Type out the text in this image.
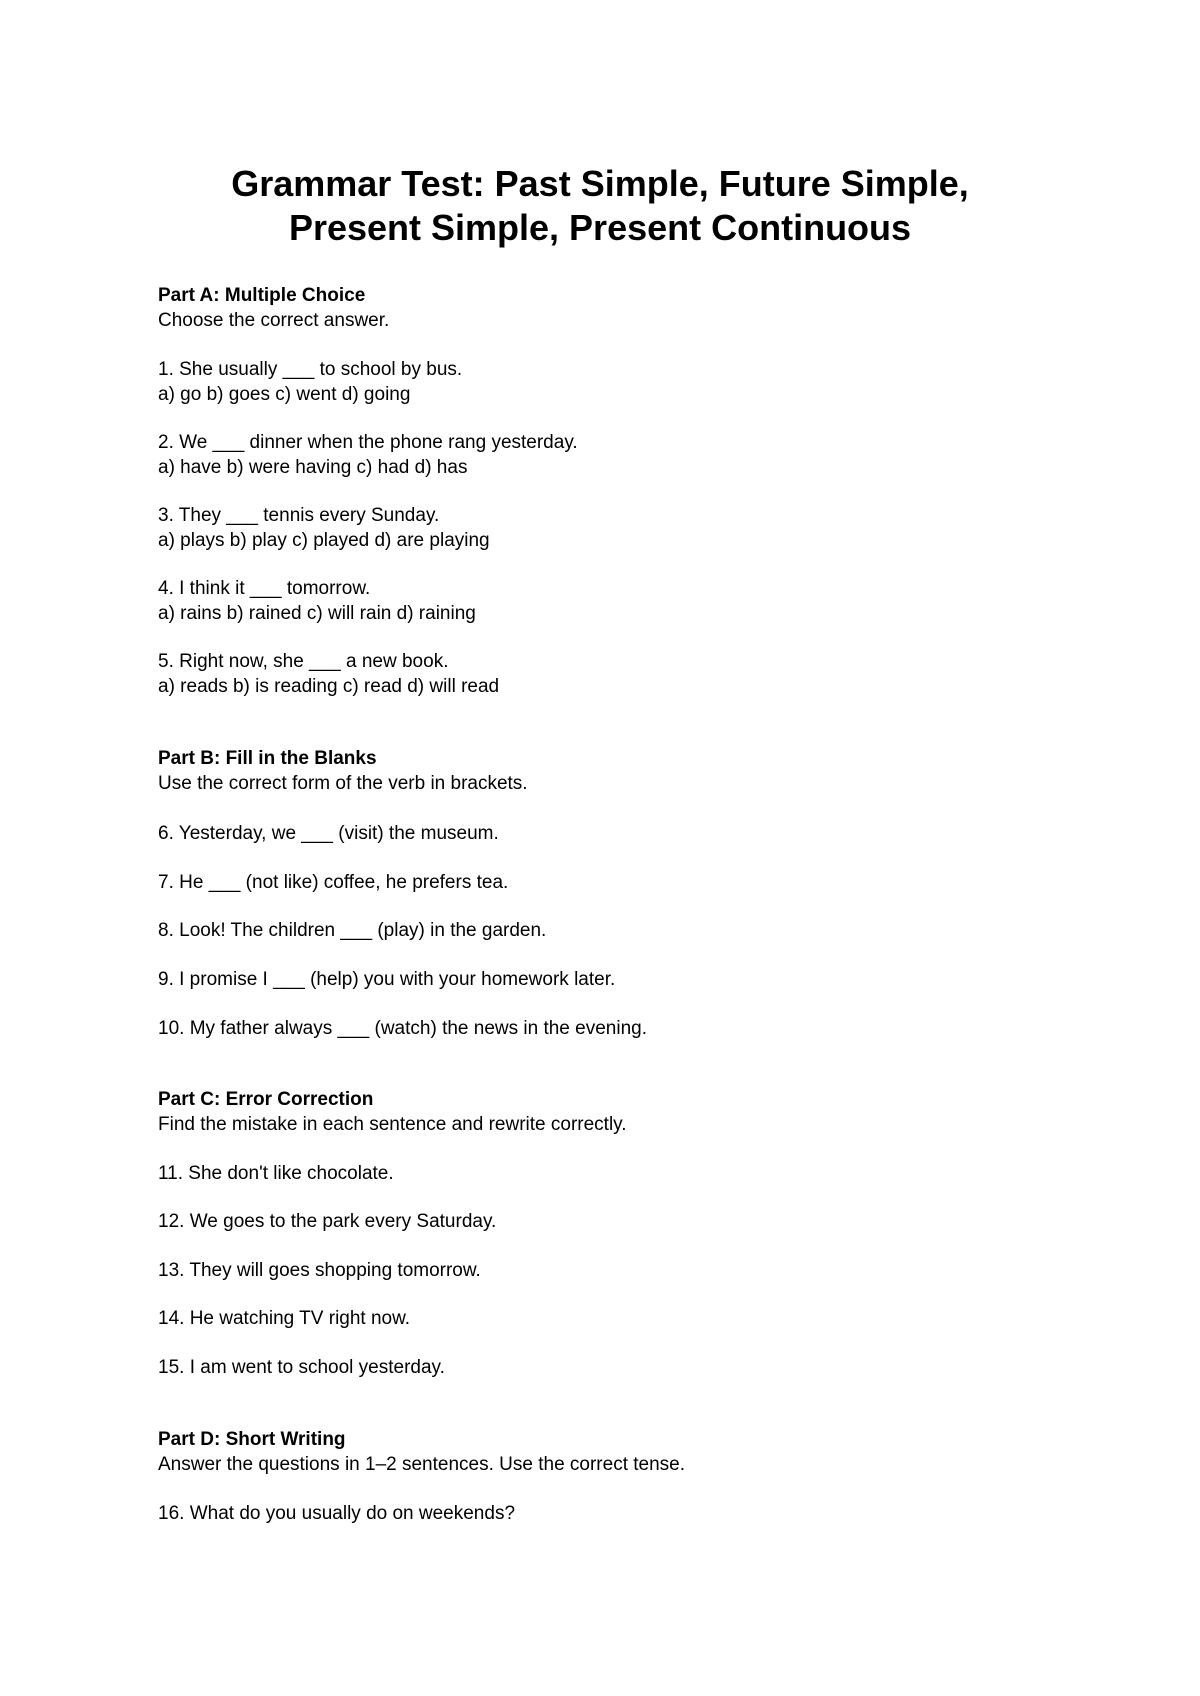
Grammar Test: Past Simple, Future Simple,
Present Simple, Present Continuous

Part A: Multiple Choice

Choose the correct answer.

1. She usually ___ to school by bus.

a) go b) goes c) went d) going

2. We ___ dinner when the phone rang yesterday.

a) have b) were having c) had d) has

3. They ___ tennis every Sunday.

a) plays b) play c) played d) are playing

4. I think it ___ tomorrow.

a) rains b) rained c) will rain d) raining

5. Right now, she ___ a new book.

a) reads b) is reading c) read d) will read

Part B: Fill in the Blanks

Use the correct form of the verb in brackets.

6. Yesterday, we ___ (visit) the museum.

7. He ___ (not like) coffee, he prefers tea.

8. Look! The children ___ (play) in the garden.

9. I promise I ___ (help) you with your homework later.

10. My father always ___ (watch) the news in the evening.

Part C: Error Correction

Find the mistake in each sentence and rewrite correctly.

11. She don't like chocolate.

12. We goes to the park every Saturday.

13. They will goes shopping tomorrow.

14. He watching TV right now.

15. I am went to school yesterday.

Part D: Short Writing

Answer the questions in 1–2 sentences. Use the correct tense.

16. What do you usually do on weekends?
